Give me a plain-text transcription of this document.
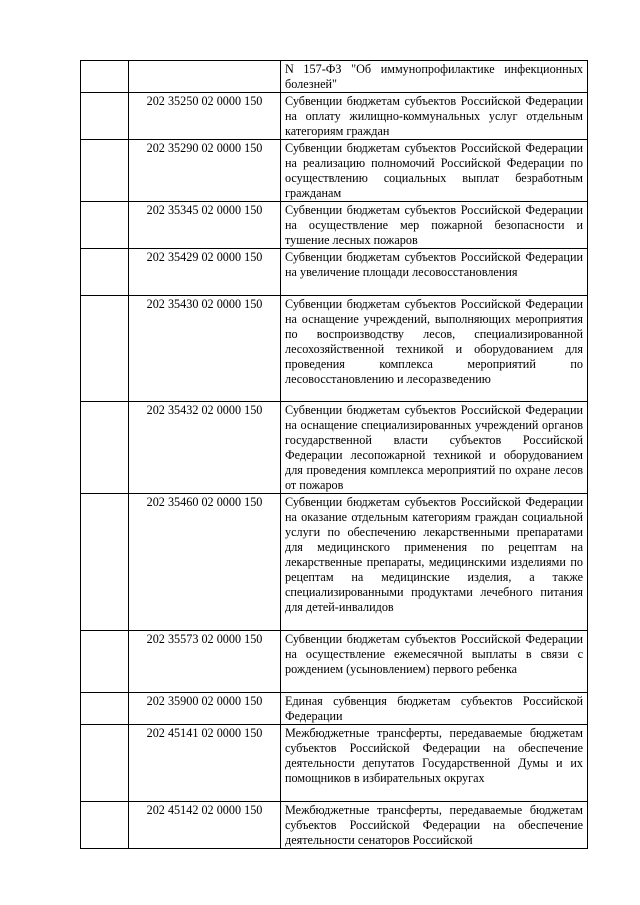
		N 157-ФЗ "Об иммунопрофилактике инфекционных болезней"
	202 35250 02 0000 150	Субвенции бюджетам субъектов Российской Федерации на оплату жилищно-коммунальных услуг отдельным категориям граждан
	202 35290 02 0000 150	Субвенции бюджетам субъектов Российской Федерации на реализацию полномочий Российской Федерации по осуществлению социальных выплат безработным гражданам
	202 35345 02 0000 150	Субвенции бюджетам субъектов Российской Федерации на осуществление мер пожарной безопасности и тушение лесных пожаров
	202 35429 02 0000 150	Субвенции бюджетам субъектов Российской Федерации на увеличение площади лесовосстановления
	202 35430 02 0000 150	Субвенции бюджетам субъектов Российской Федерации на оснащение учреждений, выполняющих мероприятия по воспроизводству лесов, специализированной лесохозяйственной техникой и оборудованием для проведения комплекса мероприятий по лесовосстановлению и лесоразведению
	202 35432 02 0000 150	Субвенции бюджетам субъектов Российской Федерации на оснащение специализированных учреждений органов государственной власти субъектов Российской Федерации лесопожарной техникой и оборудованием для проведения комплекса мероприятий по охране лесов от пожаров
	202 35460 02 0000 150	Субвенции бюджетам субъектов Российской Федерации на оказание отдельным категориям граждан социальной услуги по обеспечению лекарственными препаратами для медицинского применения по рецептам на лекарственные препараты, медицинскими изделиями по рецептам на медицинские изделия, а также специализированными продуктами лечебного питания для детей-инвалидов
	202 35573 02 0000 150	Субвенции бюджетам субъектов Российской Федерации на осуществление ежемесячной выплаты в связи с рождением (усыновлением) первого ребенка
	202 35900 02 0000 150	Единая субвенция бюджетам субъектов Российской Федерации
	202 45141 02 0000 150	Межбюджетные трансферты, передаваемые бюджетам субъектов Российской Федерации на обеспечение деятельности депутатов Государственной Думы и их помощников в избирательных округах
	202 45142 02 0000 150	Межбюджетные трансферты, передаваемые бюджетам субъектов Российской Федерации на обеспечение деятельности сенаторов Российской
